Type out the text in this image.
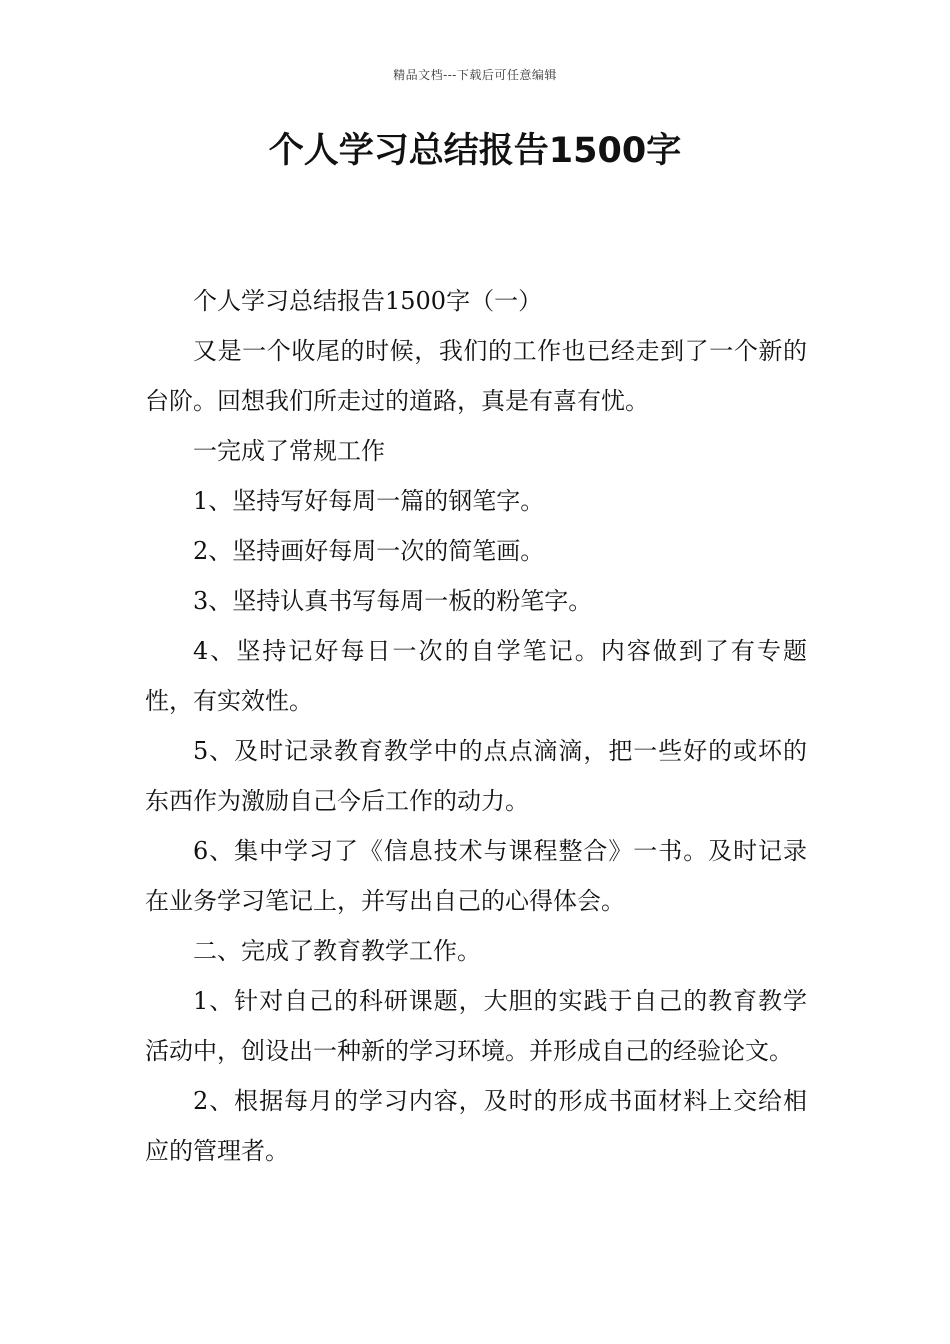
精品文档---下载后可任意编辑
个人学习总结报告1500字

个人学习总结报告1500字（一）

又是一个收尾的时候，我们的工作也已经走到了一个新的台阶。回想我们所走过的道路，真是有喜有忧。

一完成了常规工作

1、坚持写好每周一篇的钢笔字。

2、坚持画好每周一次的简笔画。

3、坚持认真书写每周一板的粉笔字。

4、坚持记好每日一次的自学笔记。内容做到了有专题性，有实效性。

5、及时记录教育教学中的点点滴滴，把一些好的或坏的东西作为激励自己今后工作的动力。

6、集中学习了《信息技术与课程整合》一书。及时记录在业务学习笔记上，并写出自己的心得体会。

二、完成了教育教学工作。

1、针对自己的科研课题，大胆的实践于自己的教育教学活动中，创设出一种新的学习环境。并形成自己的经验论文。

2、根据每月的学习内容，及时的形成书面材料上交给相应的管理者。
